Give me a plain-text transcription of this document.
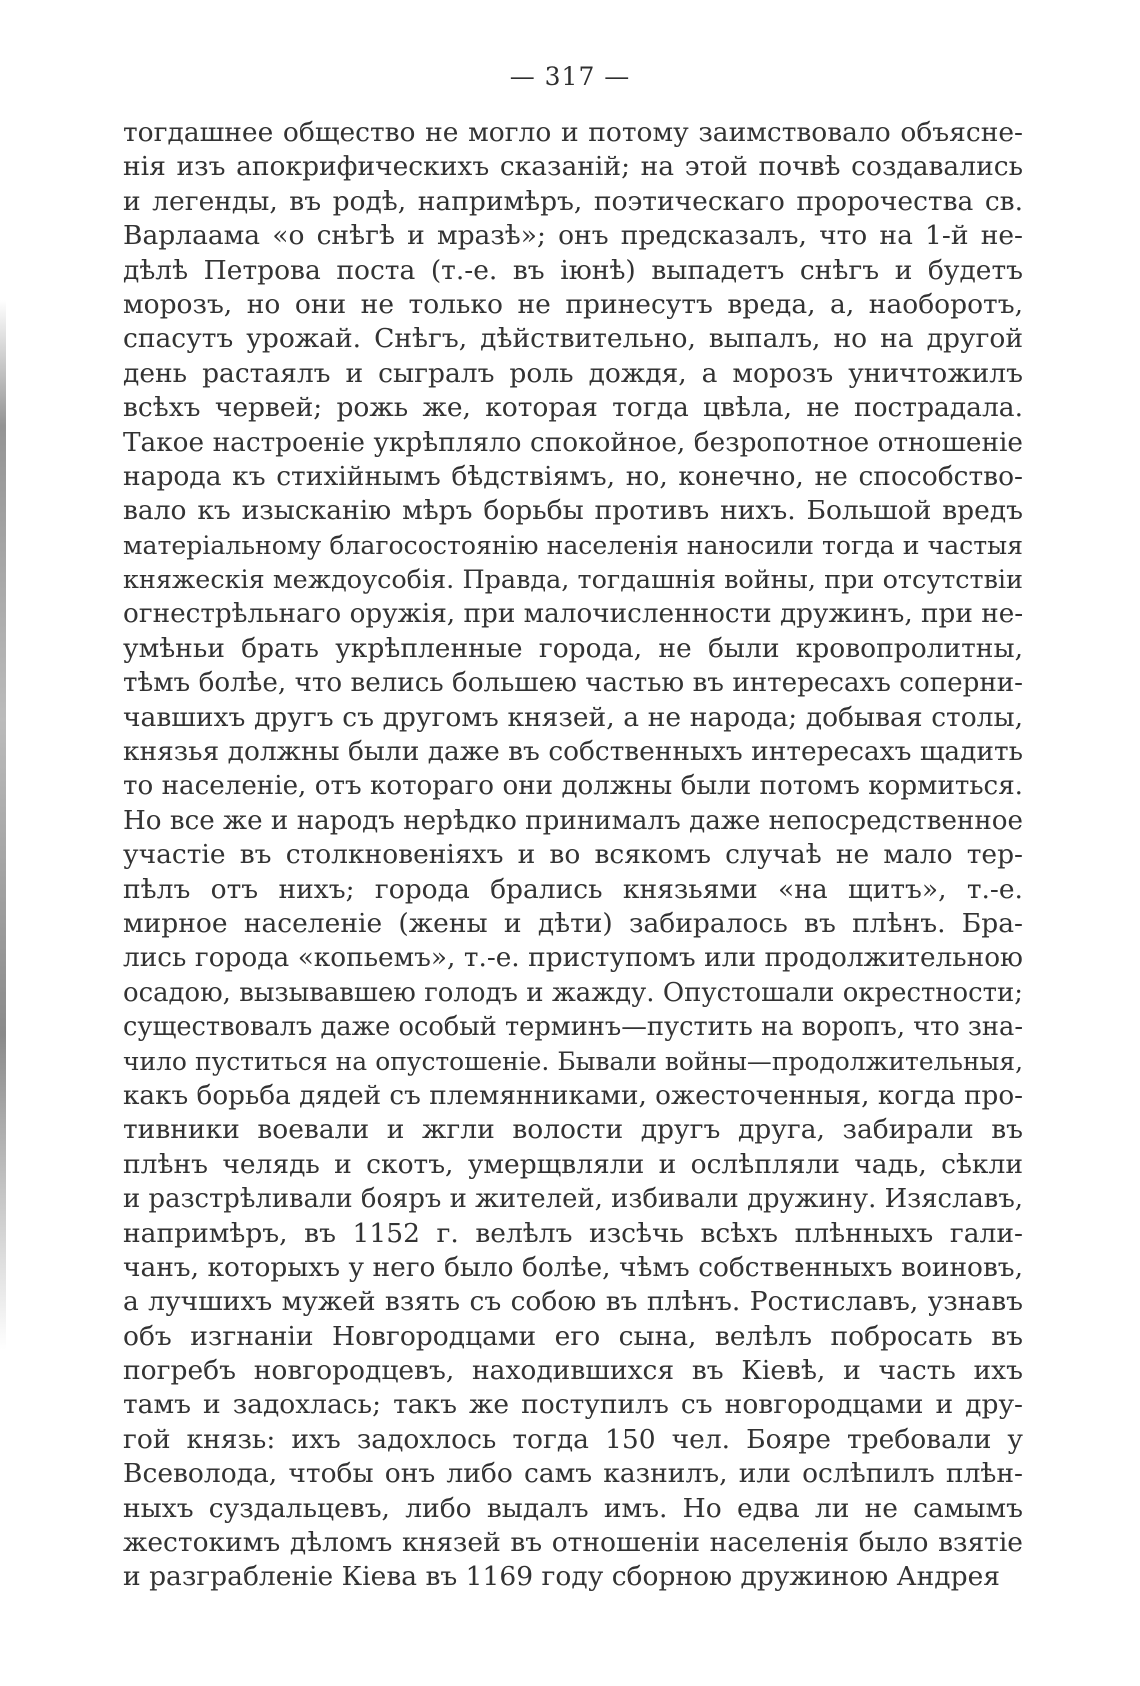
— 317 —
тогдашнее общество не могло и потому заимствовало объясне-
нія изъ апокрифическихъ сказаній; на этой почвѣ создавались
и легенды, въ родѣ, напримѣръ, поэтическаго пророчества св.
Варлаама «о снѣгѣ и мразѣ»; онъ предсказалъ, что на 1-й не-
дѣлѣ Петрова поста (т.-е. въ іюнѣ) выпадетъ снѣгъ и будетъ
морозъ, но они не только не принесутъ вреда, а, наоборотъ,
спасутъ урожай. Снѣгъ, дѣйствительно, выпалъ, но на другой
день растаялъ и сыгралъ роль дождя, а морозъ уничтожилъ
всѣхъ червей; рожь же, которая тогда цвѣла, не пострадала.
Такое настроеніе укрѣпляло спокойное, безропотное отношеніе
народа къ стихійнымъ бѣдствіямъ, но, конечно, не способство-
вало къ изысканію мѣръ борьбы противъ нихъ. Большой вредъ
матеріальному благосостоянію населенія наносили тогда и частыя
княжескія междоусобія. Правда, тогдашнія войны, при отсутствіи
огнестрѣльнаго оружія, при малочисленности дружинъ, при не-
умѣньи брать укрѣпленные города, не были кровопролитны,
тѣмъ болѣе, что велись большею частью въ интересахъ соперни-
чавшихъ другъ съ другомъ князей, а не народа; добывая столы,
князья должны были даже въ собственныхъ интересахъ щадить
то населеніе, отъ котораго они должны были потомъ кормиться.
Но все же и народъ нерѣдко принималъ даже непосредственное
участіе въ столкновеніяхъ и во всякомъ случаѣ не мало тер-
пѣлъ отъ нихъ; города брались князьями «на щитъ», т.-е.
мирное населеніе (жены и дѣти) забиралось въ плѣнъ. Бра-
лись города «копьемъ», т.-е. приступомъ или продолжительною
осадою, вызывавшею голодъ и жажду. Опустошали окрестности;
существовалъ даже особый терминъ—пустить на воропъ, что зна-
чило пуститься на опустошеніе. Бывали войны—продолжительныя,
какъ борьба дядей съ племянниками, ожесточенныя, когда про-
тивники воевали и жгли волости другъ друга, забирали въ
плѣнъ челядь и скотъ, умерщвляли и ослѣпляли чадь, сѣкли
и разстрѣливали бояръ и жителей, избивали дружину. Изяславъ,
напримѣръ, въ 1152 г. велѣлъ изсѣчь всѣхъ плѣнныхъ гали-
чанъ, которыхъ у него было болѣе, чѣмъ собственныхъ воиновъ,
а лучшихъ мужей взять съ собою въ плѣнъ. Ростиславъ, узнавъ
объ изгнаніи Новгородцами его сына, велѣлъ побросать въ
погребъ новгородцевъ, находившихся въ Кіевѣ, и часть ихъ
тамъ и задохлась; такъ же поступилъ съ новгородцами и дру-
гой князь: ихъ задохлось тогда 150 чел. Бояре требовали у
Всеволода, чтобы онъ либо самъ казнилъ, или ослѣпилъ плѣн-
ныхъ суздальцевъ, либо выдалъ имъ. Но едва ли не самымъ
жестокимъ дѣломъ князей въ отношеніи населенія было взятіе
и разграбленіе Кіева въ 1169 году сборною дружиною Андрея
